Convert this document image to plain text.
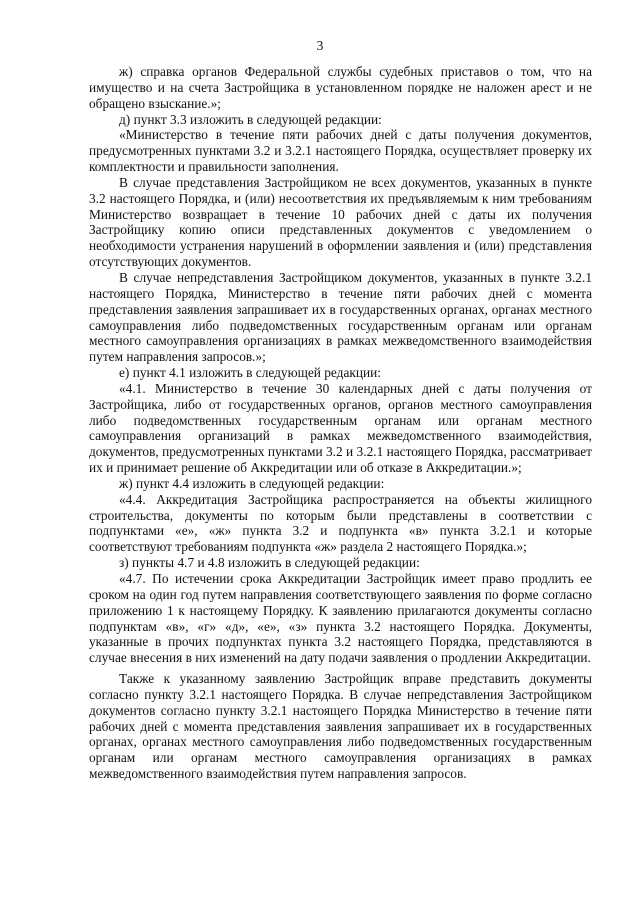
3

ж) справка органов Федеральной службы судебных приставов о том, что на имущество и на счета Застройщика в установленном порядке не наложен арест и не обращено взыскание.»;

д) пункт 3.3 изложить в следующей редакции:

«Министерство в течение пяти рабочих дней с даты получения документов, предусмотренных пунктами 3.2 и 3.2.1 настоящего Порядка, осуществляет проверку их комплектности и правильности заполнения.

В случае представления Застройщиком не всех документов, указанных в пункте 3.2 настоящего Порядка, и (или) несоответствия их предъявляемым к ним требованиям Министерство возвращает в течение 10 рабочих дней с даты их получения Застройщику копию описи представленных документов с уведомлением о необходимости устранения нарушений в оформлении заявления и (или) представления отсутствующих документов.

В случае непредставления Застройщиком документов, указанных в пункте 3.2.1 настоящего Порядка, Министерство в течение пяти рабочих дней с момента представления заявления запрашивает их в государственных органах, органах местного самоуправления либо подведомственных государственным органам или органам местного самоуправления организациях в рамках межведомственного взаимодействия путем направления запросов.»;

е) пункт 4.1 изложить в следующей редакции:

«4.1. Министерство в течение 30 календарных дней с даты получения от Застройщика, либо от государственных органов, органов местного самоуправления либо подведомственных государственным органам или органам местного самоуправления организаций в рамках межведомственного взаимодействия, документов, предусмотренных пунктами 3.2 и 3.2.1 настоящего Порядка, рассматривает их и принимает решение об Аккредитации или об отказе в Аккредитации.»;

ж) пункт 4.4 изложить в следующей редакции:

«4.4. Аккредитация Застройщика распространяется на объекты жилищного строительства, документы по которым были представлены в соответствии с подпунктами «е», «ж» пункта 3.2 и подпункта «в» пункта 3.2.1 и которые соответствуют требованиям подпункта «ж» раздела 2 настоящего Порядка.»;

з) пункты 4.7 и 4.8 изложить в следующей редакции:

«4.7. По истечении срока Аккредитации Застройщик имеет право продлить ее сроком на один год путем направления соответствующего заявления по форме согласно приложению 1 к настоящему Порядку. К заявлению прилагаются документы согласно подпунктам «в», «г» «д», «е», «з» пункта 3.2 настоящего Порядка. Документы, указанные в прочих подпунктах пункта 3.2 настоящего Порядка, представляются в случае внесения в них изменений на дату подачи заявления о продлении Аккредитации.

Также к указанному заявлению Застройщик вправе представить документы согласно пункту 3.2.1 настоящего Порядка. В случае непредставления Застройщиком документов согласно пункту 3.2.1 настоящего Порядка Министерство в течение пяти рабочих дней с момента представления заявления запрашивает их в государственных органах, органах местного самоуправления либо подведомственных государственным органам или органам местного самоуправления организациях в рамках межведомственного взаимодействия путем направления запросов.
